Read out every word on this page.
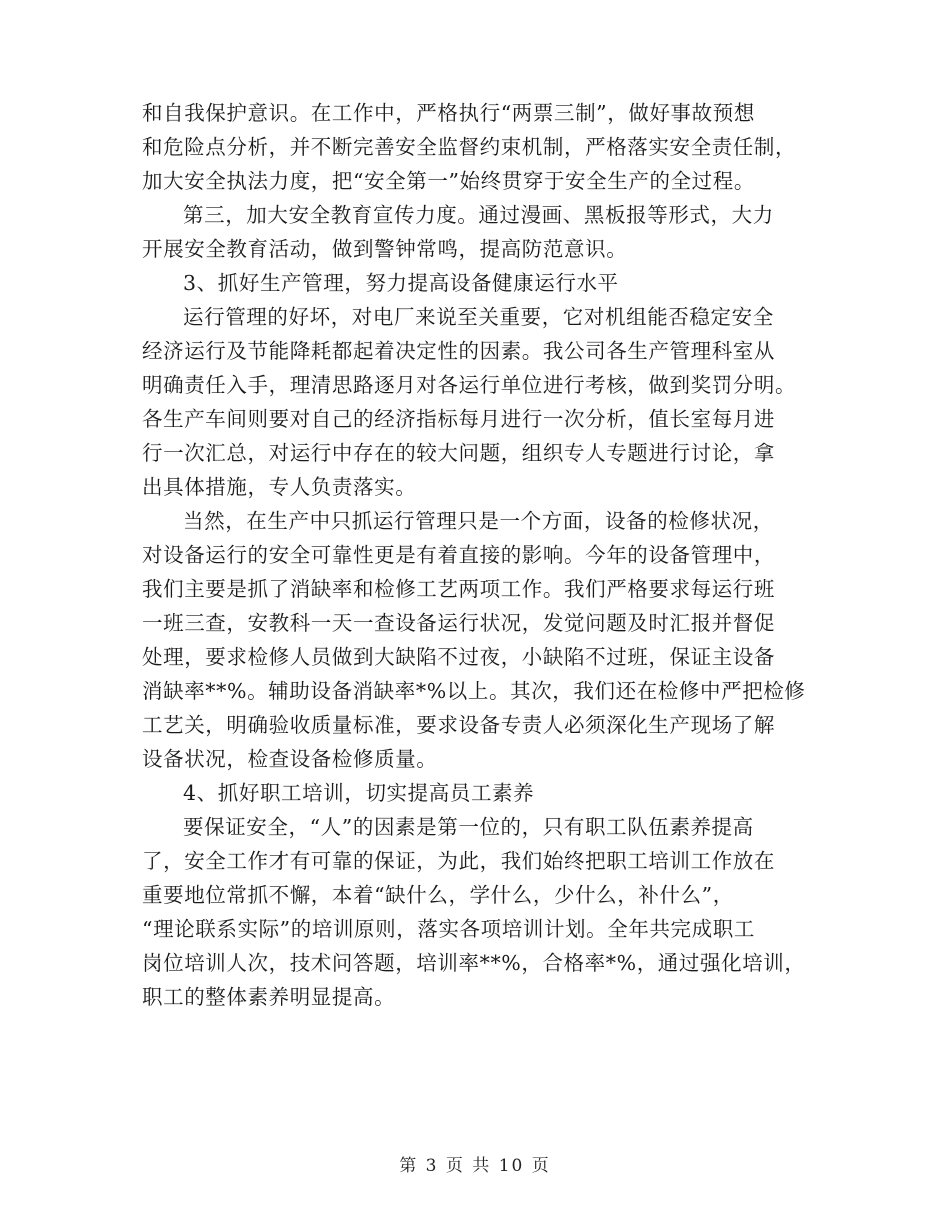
和自我保护意识。在工作中，严格执行“两票三制”，做好事故预想
和危险点分析，并不断完善安全监督约束机制，严格落实安全责任制，
加大安全执法力度，把“安全第一”始终贯穿于安全生产的全过程。
第三，加大安全教育宣传力度。通过漫画、黑板报等形式，大力
开展安全教育活动，做到警钟常鸣，提高防范意识。
3、抓好生产管理，努力提高设备健康运行水平
运行管理的好坏，对电厂来说至关重要，它对机组能否稳定安全
经济运行及节能降耗都起着决定性的因素。我公司各生产管理科室从
明确责任入手，理清思路逐月对各运行单位进行考核，做到奖罚分明。
各生产车间则要对自己的经济指标每月进行一次分析，值长室每月进
行一次汇总，对运行中存在的较大问题，组织专人专题进行讨论，拿
出具体措施，专人负责落实。
当然，在生产中只抓运行管理只是一个方面，设备的检修状况，
对设备运行的安全可靠性更是有着直接的影响。今年的设备管理中，
我们主要是抓了消缺率和检修工艺两项工作。我们严格要求每运行班
一班三查，安教科一天一查设备运行状况，发觉问题及时汇报并督促
处理，要求检修人员做到大缺陷不过夜，小缺陷不过班，保证主设备
消缺率**%。辅助设备消缺率*%以上。其次，我们还在检修中严把检修
工艺关，明确验收质量标准，要求设备专责人必须深化生产现场了解
设备状况，检查设备检修质量。
4、抓好职工培训，切实提高员工素养
要保证安全，“人”的因素是第一位的，只有职工队伍素养提高
了，安全工作才有可靠的保证，为此，我们始终把职工培训工作放在
重要地位常抓不懈，本着“缺什么，学什么，少什么，补什么”，
“理论联系实际”的培训原则，落实各项培训计划。全年共完成职工
岗位培训人次，技术问答题，培训率**%，合格率*%，通过强化培训，
职工的整体素养明显提高。
第 3 页 共 10 页
